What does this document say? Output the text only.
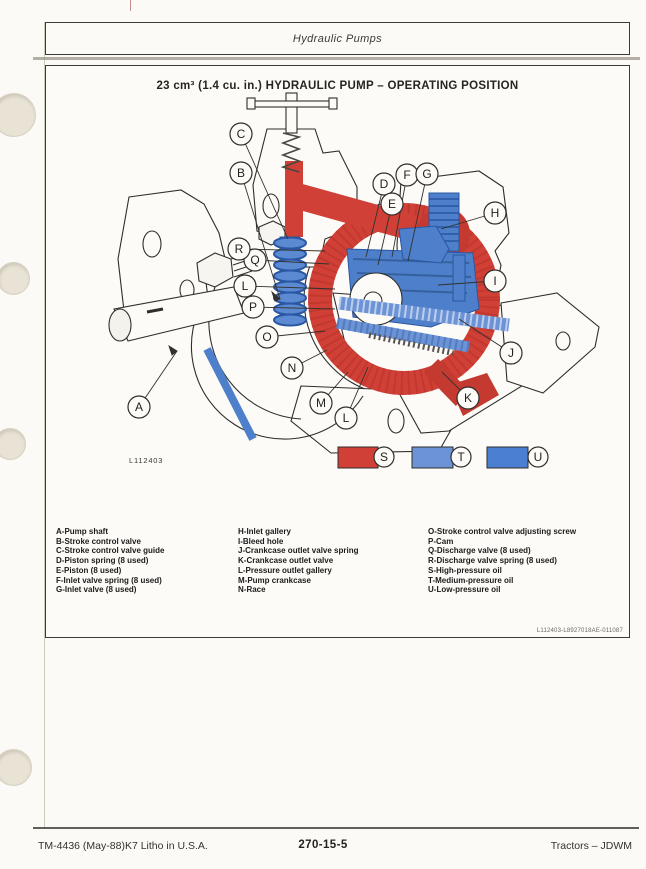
Hydraulic Pumps
23 cm³ (1.4 cu. in.) HYDRAULIC PUMP – OPERATING POSITION
A
B
C
D
E
F G
H
I
J
K
L
L
M
N
O
P
Q
R
S	T	U
L112403
A-Pump shaft
B-Stroke control valve
C-Stroke control valve guide
D-Piston spring (8 used)
E-Piston (8 used)
F-Inlet valve spring (8 used)
G-Inlet valve (8 used)
H-Inlet gallery
I-Bleed hole
J-Crankcase outlet valve spring
K-Crankcase outlet valve
L-Pressure outlet gallery
M-Pump crankcase
N-Race
O-Stroke control valve adjusting screw
P-Cam
Q-Discharge valve (8 used)
R-Discharge valve spring (8 used)
S-High-pressure oil
T-Medium-pressure oil
U-Low-pressure oil
L112403-L8927018AE-011087
TM-4436 (May-88)K7 Litho in U.S.A.	270-15-5	Tractors – JDWM
